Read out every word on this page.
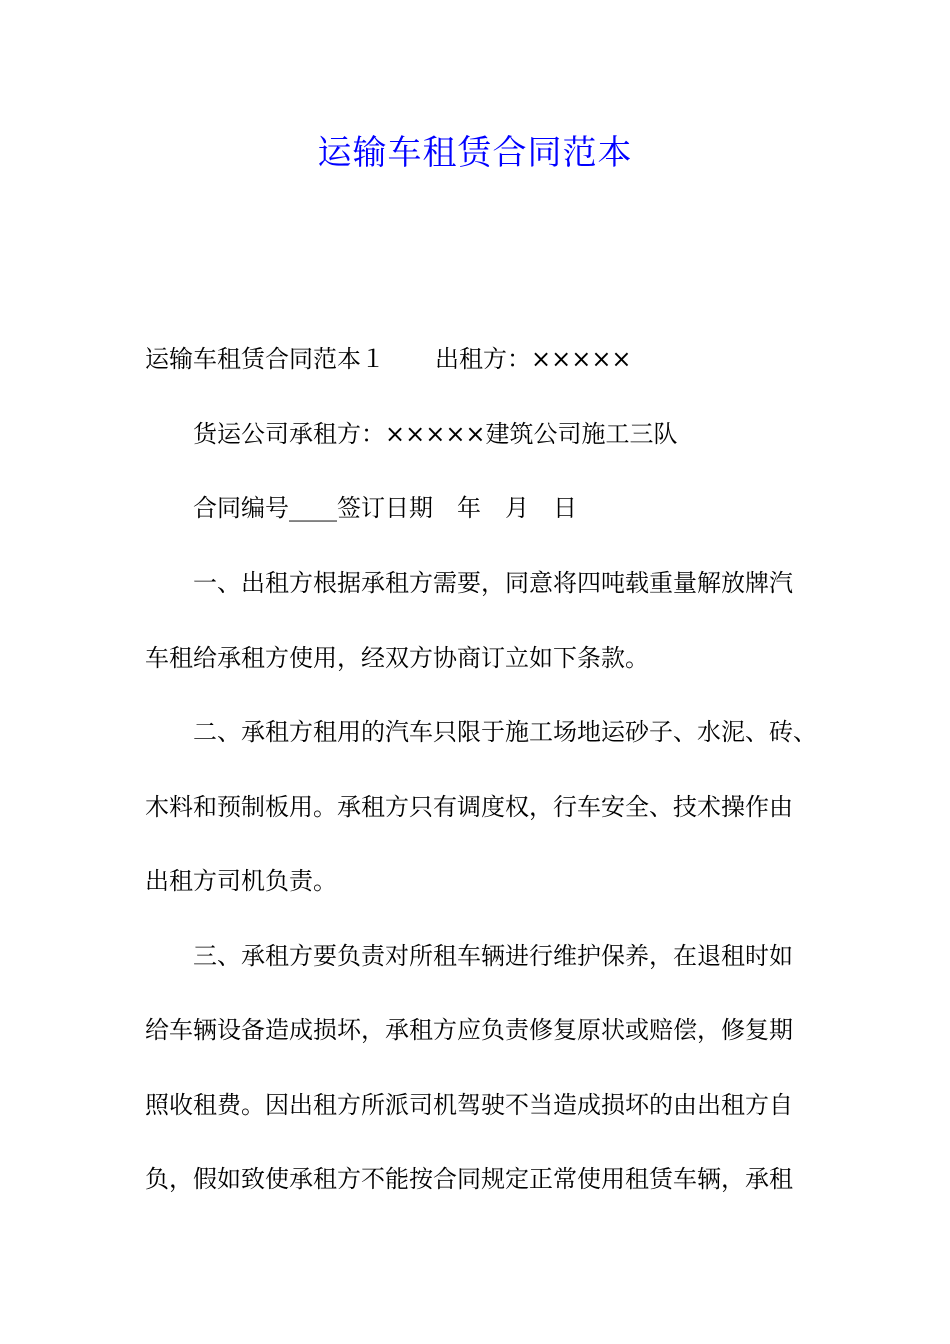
运输车租赁合同范本
运输车租赁合同范本１ 出租方：×××××
货运公司承租方：×××××建筑公司施工三队
合同编号____签订日期　年　月　日
一、出租方根据承租方需要，同意将四吨载重量解放牌汽
车租给承租方使用，经双方协商订立如下条款。
二、承租方租用的汽车只限于施工场地运砂子、水泥、砖、
木料和预制板用。承租方只有调度权，行车安全、技术操作由
出租方司机负责。
三、承租方要负责对所租车辆进行维护保养，在退租时如
给车辆设备造成损坏，承租方应负责修复原状或赔偿，修复期
照收租费。因出租方所派司机驾驶不当造成损坏的由出租方自
负，假如致使承租方不能按合同规定正常使用租赁车辆，承租
